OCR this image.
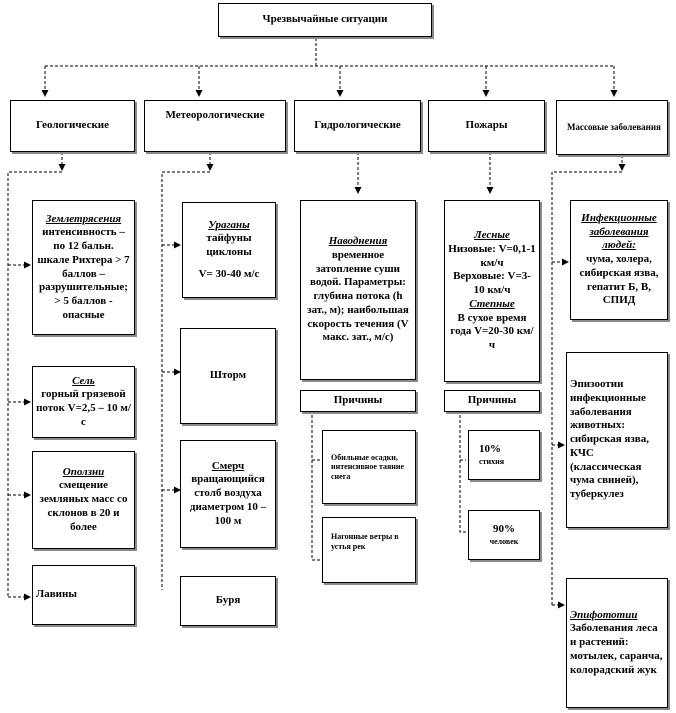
Чрезвычайные ситуации
Геологические
Метеорологические
Гидрологические	Пожары	Массовые заболевания
Землетрясения
интенсивность – по 12 бальн. шкале Рихтера > 7 баллов – разрушительные; > 5 баллов - опасные
Сель
горный грязевой поток V=2,5 – 10 м/с
Оползни
смещение земляных масс со склонов в 20 и более
Лавины
Ураганы
тайфуны циклоны
V= 30-40 м/с
Шторм
Смерч
вращающийся столб воздуха диаметром 10 – 100 м
Буря
Наводнения
временное затопление суши водой. Параметры: глубина потока (h зат., м); наибольшая скорость течения (V макс. зат., м/с)
Причины
Обильные осадки, интенсивное таяние снега
Нагонные ветры в устья рек
Лесные
Низовые: V=0,1-1 км/ч
Верховые: V=3-10 км/ч
Степные
В сухое время года V=20-30 км/ч
Причины
10%
стихия
90%
человек
Инфекционные заболевания людей:
чума, холера, сибирская язва, гепатит Б, В, СПИД
Эпизоотии
инфекционные заболевания животных:
сибирская язва, КЧС (классическая чума свиней), туберкулез
Эпифототии
Заболевания леса и растений: мотылек, саранча, колорадский жук
